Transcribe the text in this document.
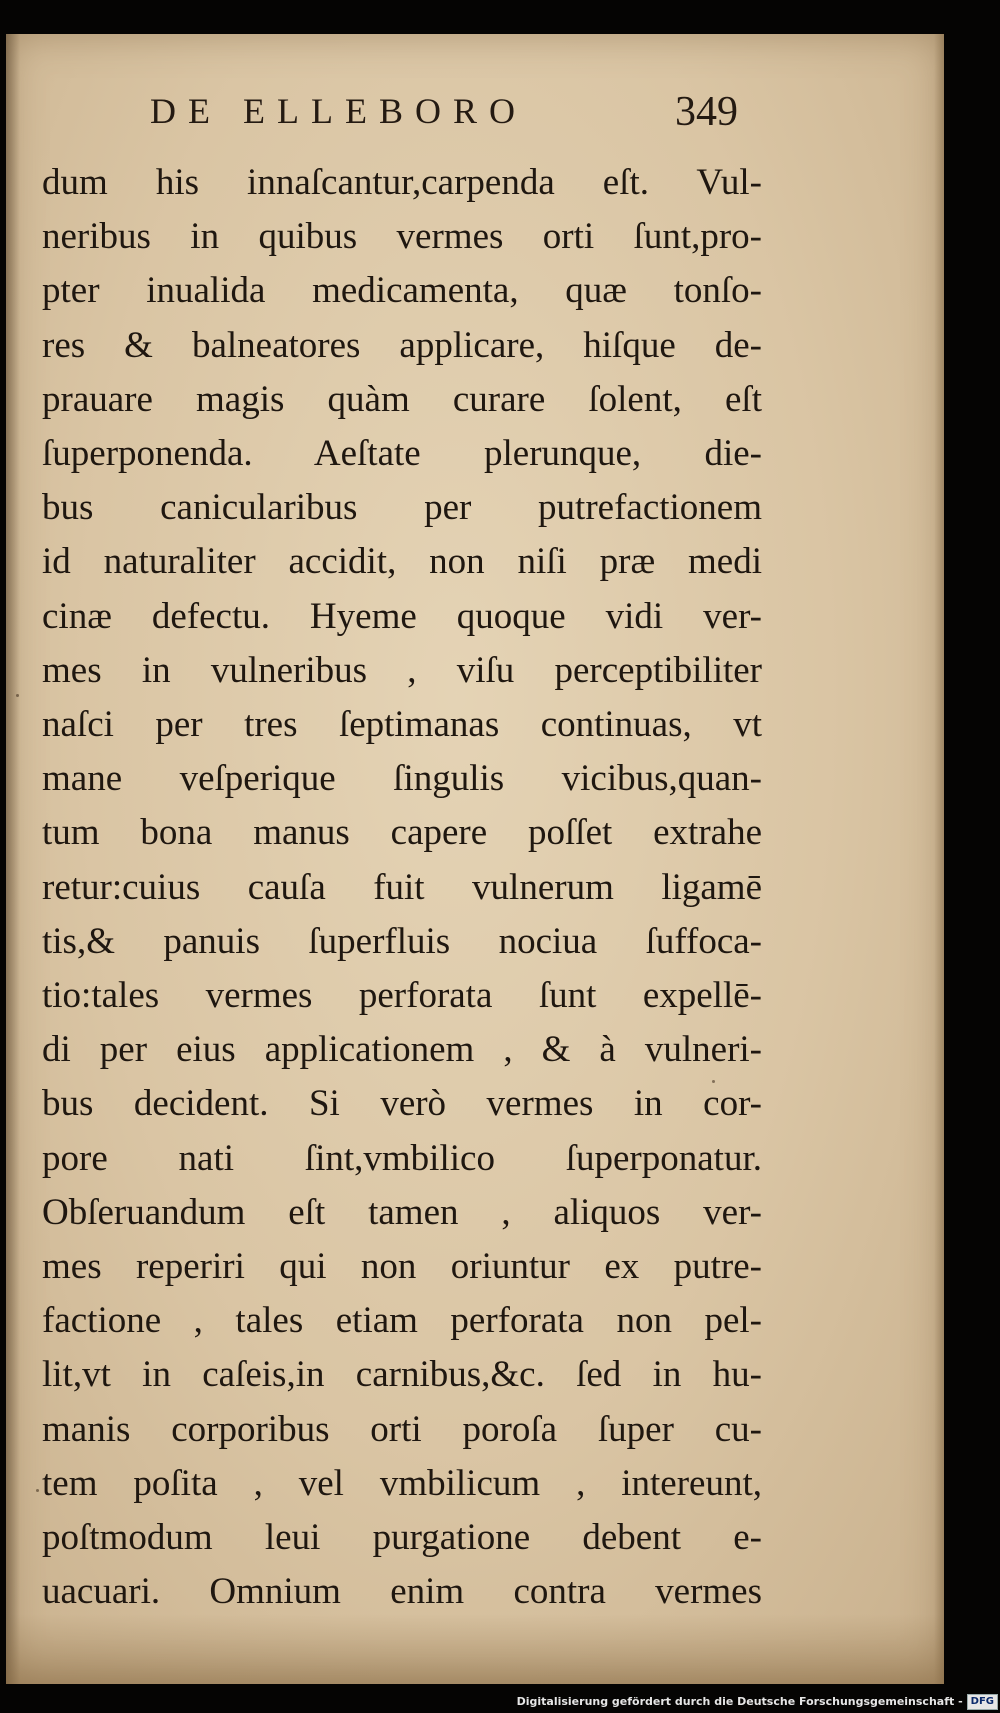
DE ELLEBORO	349
dum his innaſcantur,carpenda eſt. Vul-
neribus in quibus vermes orti ſunt,pro-
pter inualida medicamenta, quæ tonſo-
res & balneatores applicare, hiſque de-
prauare magis quàm curare ſolent, eſt
ſuperponenda. Aeſtate plerunque, die-
bus canicularibus per putrefactionem
id naturaliter accidit, non niſi præ medi
cinæ defectu. Hyeme quoque vidi ver-
mes in vulneribus , viſu perceptibiliter
naſci per tres ſeptimanas continuas, vt
mane veſperique ſingulis vicibus,quan-
tum bona manus capere poſſet extrahe
retur:cuius cauſa fuit vulnerum ligamē
tis,& panuis ſuperfluis nociua ſuffoca-
tio:tales vermes perforata ſunt expellē-
di per eius applicationem , & à vulneri-
bus decident. Si verò vermes in cor-
pore nati ſint,vmbilico ſuperponatur.
Obſeruandum eſt tamen , aliquos ver-
mes reperiri qui non oriuntur ex putre-
factione , tales etiam perforata non pel-
lit,vt in caſeis,in carnibus,&c. ſed in hu-
manis corporibus orti poroſa ſuper cu-
tem poſita , vel vmbilicum , intereunt,
poſtmodum leui purgatione debent e-
uacuari. Omnium enim contra vermes
Digitalisierung gefördert durch die Deutsche Forschungsgemeinschaft - DFG
